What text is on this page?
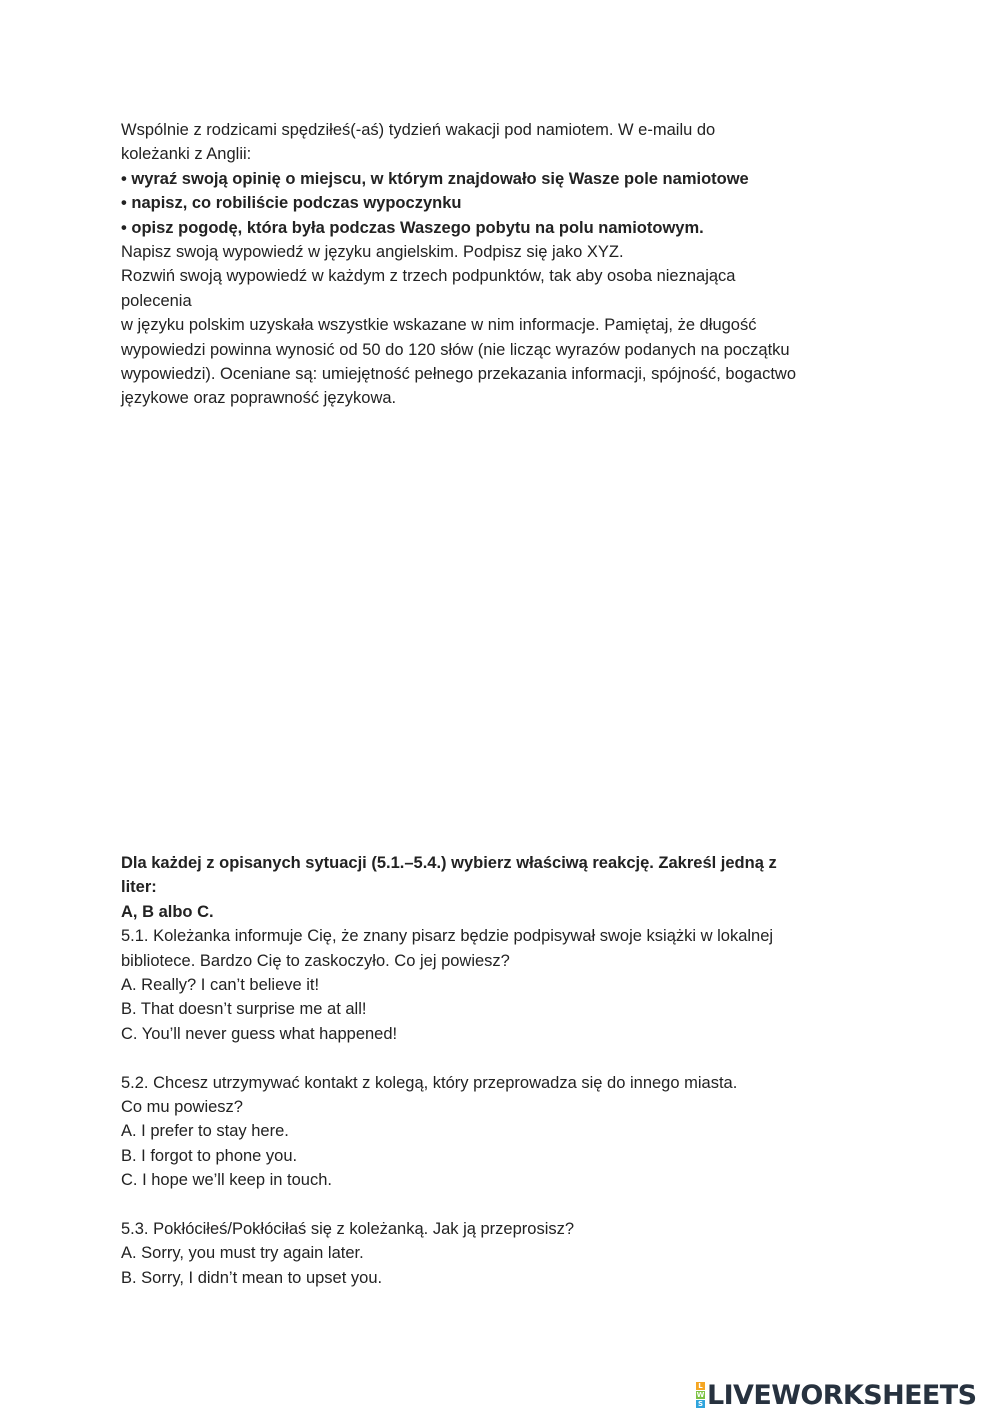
Wspólnie z rodzicami spędziłeś(-aś) tydzień wakacji pod namiotem. W e-mailu do
koleżanki z Anglii:
• wyraź swoją opinię o miejscu, w którym znajdowało się Wasze pole namiotowe
• napisz, co robiliście podczas wypoczynku
• opisz pogodę, która była podczas Waszego pobytu na polu namiotowym.
Napisz swoją wypowiedź w języku angielskim. Podpisz się jako XYZ.
Rozwiń swoją wypowiedź w każdym z trzech podpunktów, tak aby osoba nieznająca
polecenia
w języku polskim uzyskała wszystkie wskazane w nim informacje. Pamiętaj, że długość
wypowiedzi powinna wynosić od 50 do 120 słów (nie licząc wyrazów podanych na początku
wypowiedzi). Oceniane są: umiejętność pełnego przekazania informacji, spójność, bogactwo
językowe oraz poprawność językowa.
Dla każdej z opisanych sytuacji (5.1.–5.4.) wybierz właściwą reakcję. Zakreśl jedną z
liter:
A, B albo C.
5.1. Koleżanka informuje Cię, że znany pisarz będzie podpisywał swoje książki w lokalnej
bibliotece. Bardzo Cię to zaskoczyło. Co jej powiesz?
A. Really? I can’t believe it!
B. That doesn’t surprise me at all!
C. You’ll never guess what happened!
5.2. Chcesz utrzymywać kontakt z kolegą, który przeprowadza się do innego miasta.
Co mu powiesz?
A. I prefer to stay here.
B. I forgot to phone you.
C. I hope we’ll keep in touch.
5.3. Pokłóciłeś/Pokłóciłaś się z koleżanką. Jak ją przeprosisz?
A. Sorry, you must try again later.
B. Sorry, I didn’t mean to upset you.
L
W
S LIVEWORKSHEETS
